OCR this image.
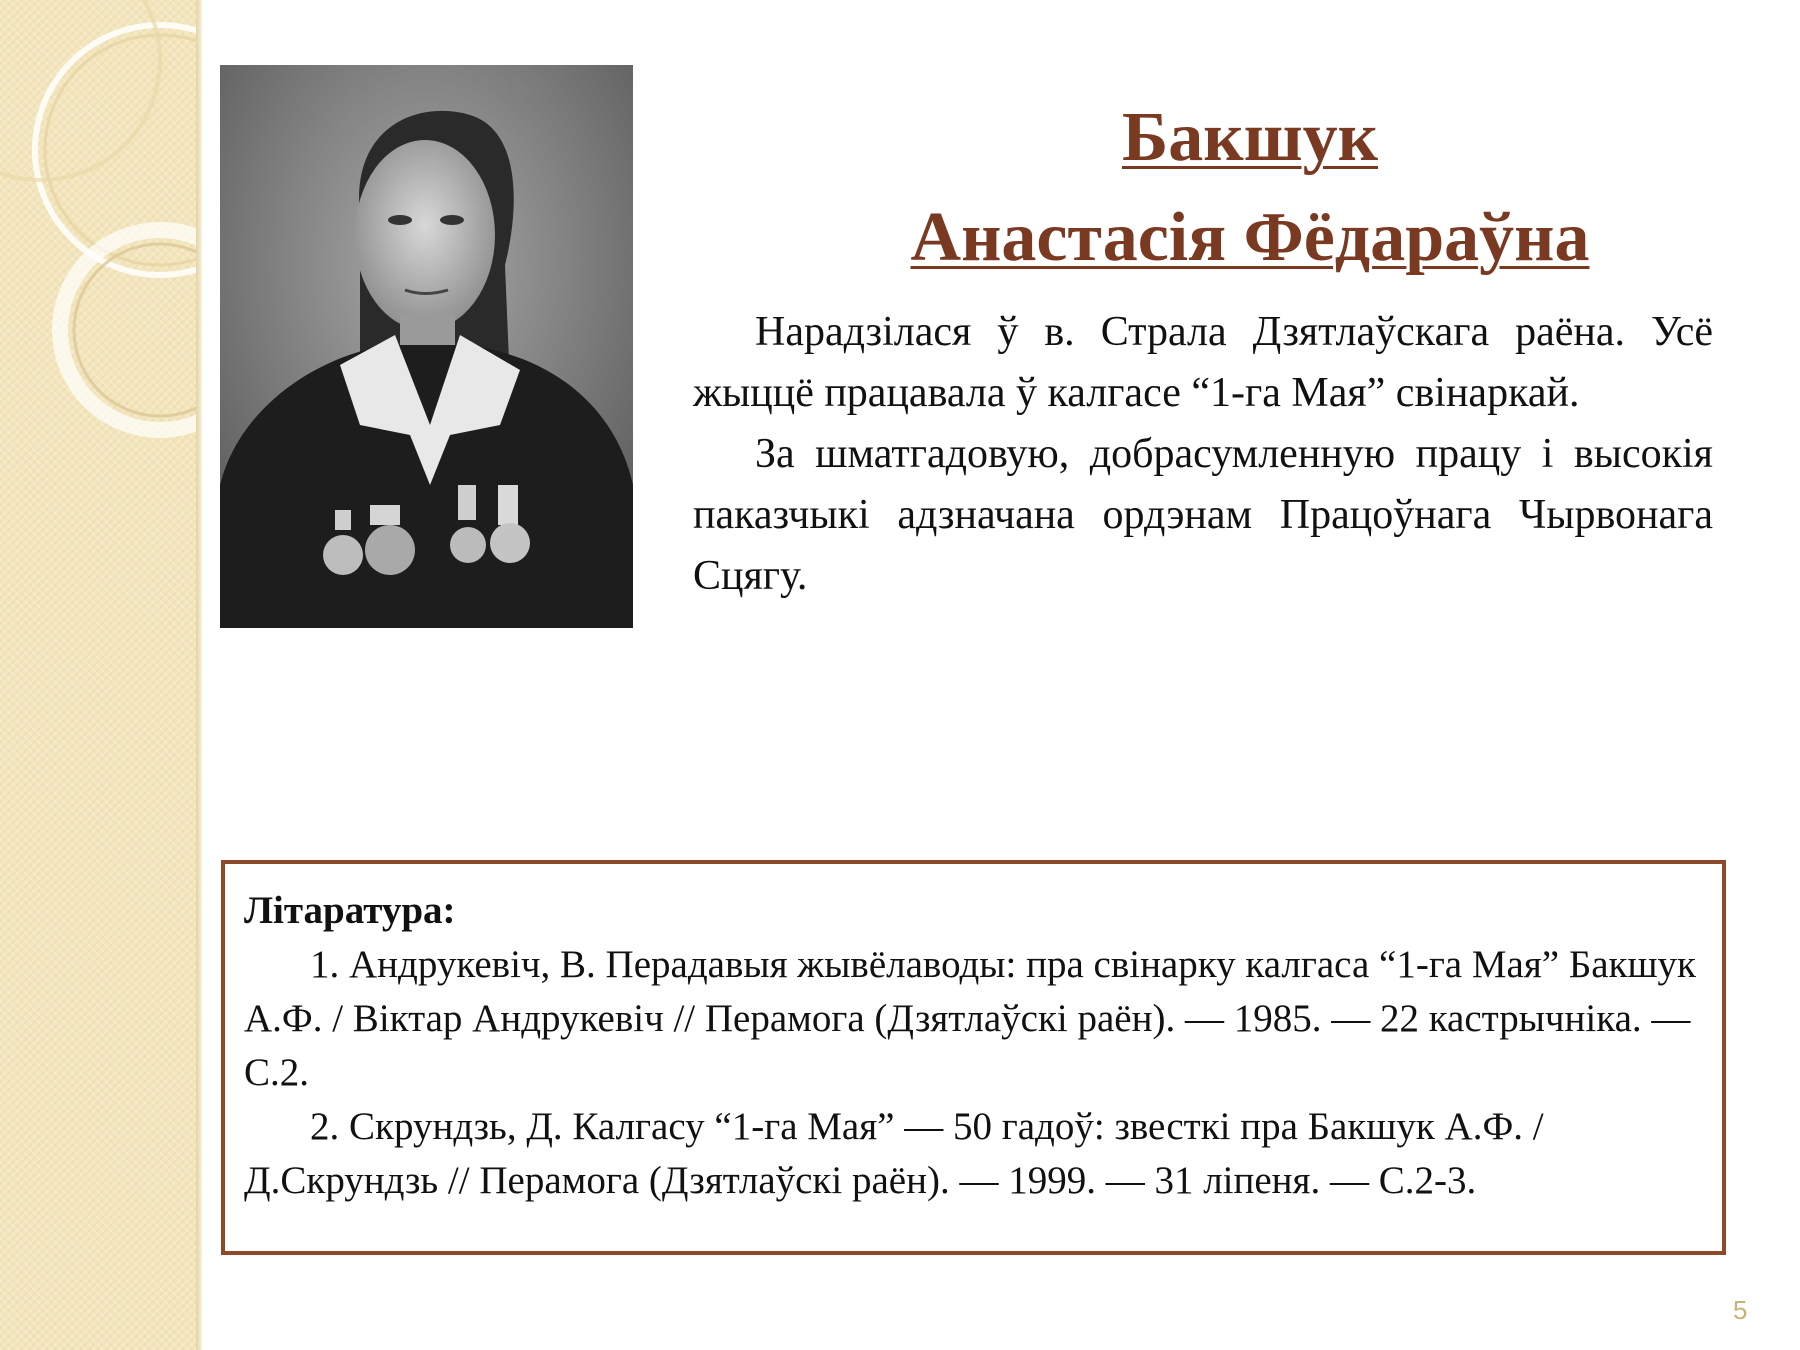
Бакшук
Анастасія Фёдараўна

Нарадзілася ў в. Страла Дзятлаўскага раёна. Усё жыццё працавала ў калгасе “1-га Мая” свінаркай.

За шматгадовую, добрасумленную працу і высокія паказчыкі адзначана ордэнам Працоўнага Чырвонага Сцягу.

Літаратура:

1. Андрукевіч, В. Перадавыя жывёлаводы: пра свінарку калгаса “1-га Мая” Бакшук А.Ф. / Віктар Андрукевіч // Перамога (Дзятлаўскі раён). — 1985. — 22 кастрычніка. — С.2.

2. Скрундзь, Д. Калгасу “1-га Мая” — 50 гадоў: звесткі пра Бакшук А.Ф. / Д.Скрундзь // Перамога (Дзятлаўскі раён). — 1999. — 31 ліпеня. — С.2-3.

5
